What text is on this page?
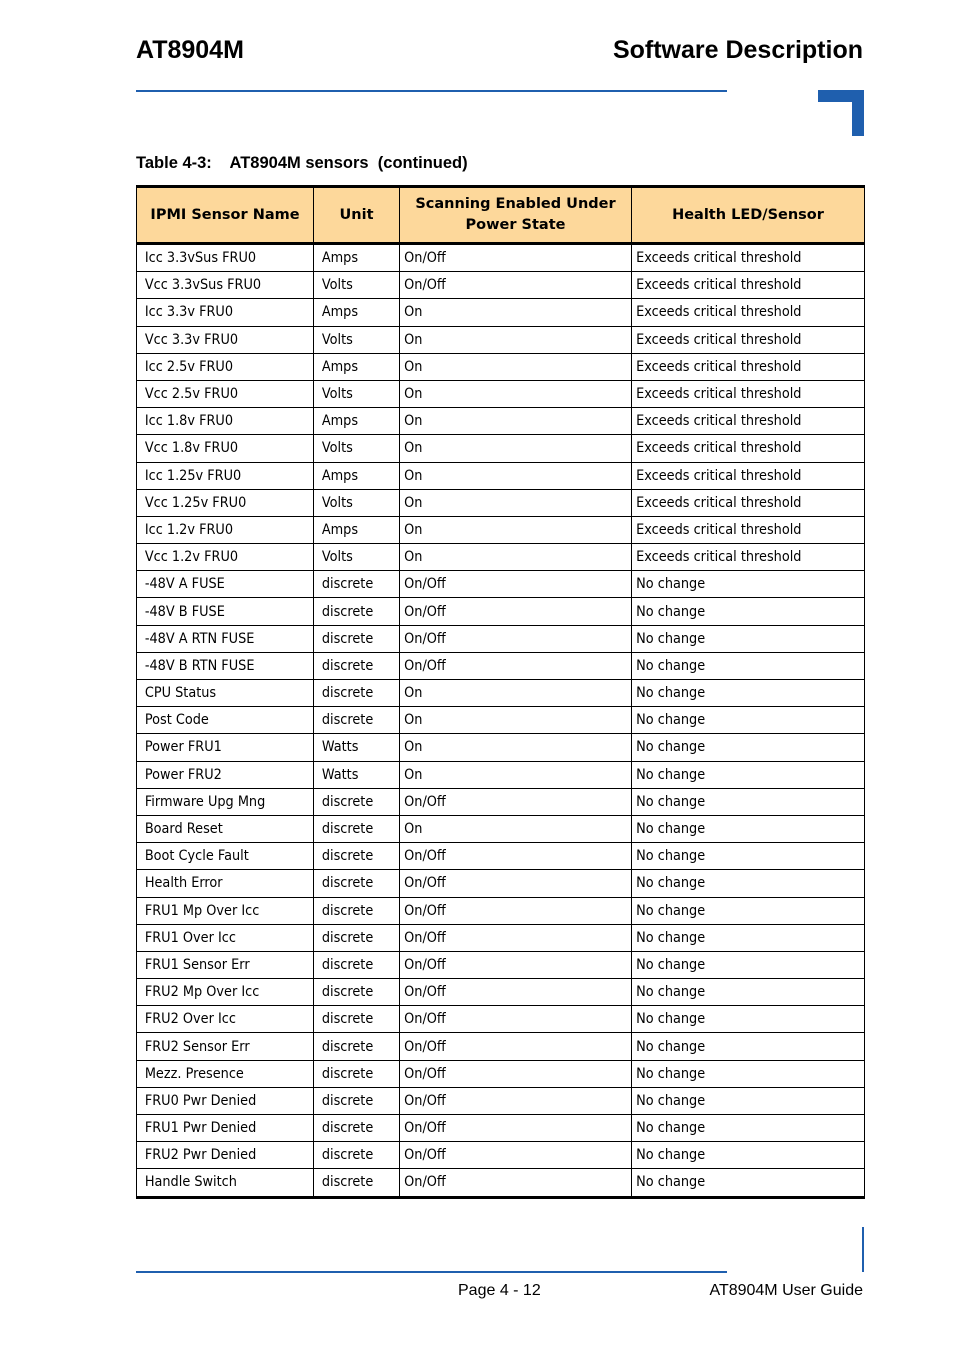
AT8904M	Software Description
Table 4-3:    AT8904M sensors  (continued)
IPMI Sensor Name	Unit	Scanning Enabled Under Power State	Health LED/Sensor
Icc 3.3vSus FRU0	Amps	On/Off	Exceeds critical threshold
Vcc 3.3vSus FRU0	Volts	On/Off	Exceeds critical threshold
Icc 3.3v FRU0	Amps	On	Exceeds critical threshold
Vcc 3.3v FRU0	Volts	On	Exceeds critical threshold
Icc 2.5v FRU0	Amps	On	Exceeds critical threshold
Vcc 2.5v FRU0	Volts	On	Exceeds critical threshold
Icc 1.8v FRU0	Amps	On	Exceeds critical threshold
Vcc 1.8v FRU0	Volts	On	Exceeds critical threshold
Icc 1.25v FRU0	Amps	On	Exceeds critical threshold
Vcc 1.25v FRU0	Volts	On	Exceeds critical threshold
Icc 1.2v FRU0	Amps	On	Exceeds critical threshold
Vcc 1.2v FRU0	Volts	On	Exceeds critical threshold
-48V A FUSE	discrete	On/Off	No change
-48V B FUSE	discrete	On/Off	No change
-48V A RTN FUSE	discrete	On/Off	No change
-48V B RTN FUSE	discrete	On/Off	No change
CPU Status	discrete	On	No change
Post Code	discrete	On	No change
Power FRU1	Watts	On	No change
Power FRU2	Watts	On	No change
Firmware Upg Mng	discrete	On/Off	No change
Board Reset	discrete	On	No change
Boot Cycle Fault	discrete	On/Off	No change
Health Error	discrete	On/Off	No change
FRU1 Mp Over Icc	discrete	On/Off	No change
FRU1 Over Icc	discrete	On/Off	No change
FRU1 Sensor Err	discrete	On/Off	No change
FRU2 Mp Over Icc	discrete	On/Off	No change
FRU2 Over Icc	discrete	On/Off	No change
FRU2 Sensor Err	discrete	On/Off	No change
Mezz. Presence	discrete	On/Off	No change
FRU0 Pwr Denied	discrete	On/Off	No change
FRU1 Pwr Denied	discrete	On/Off	No change
FRU2 Pwr Denied	discrete	On/Off	No change
Handle Switch	discrete	On/Off	No change
Page 4 - 12	AT8904M User Guide
